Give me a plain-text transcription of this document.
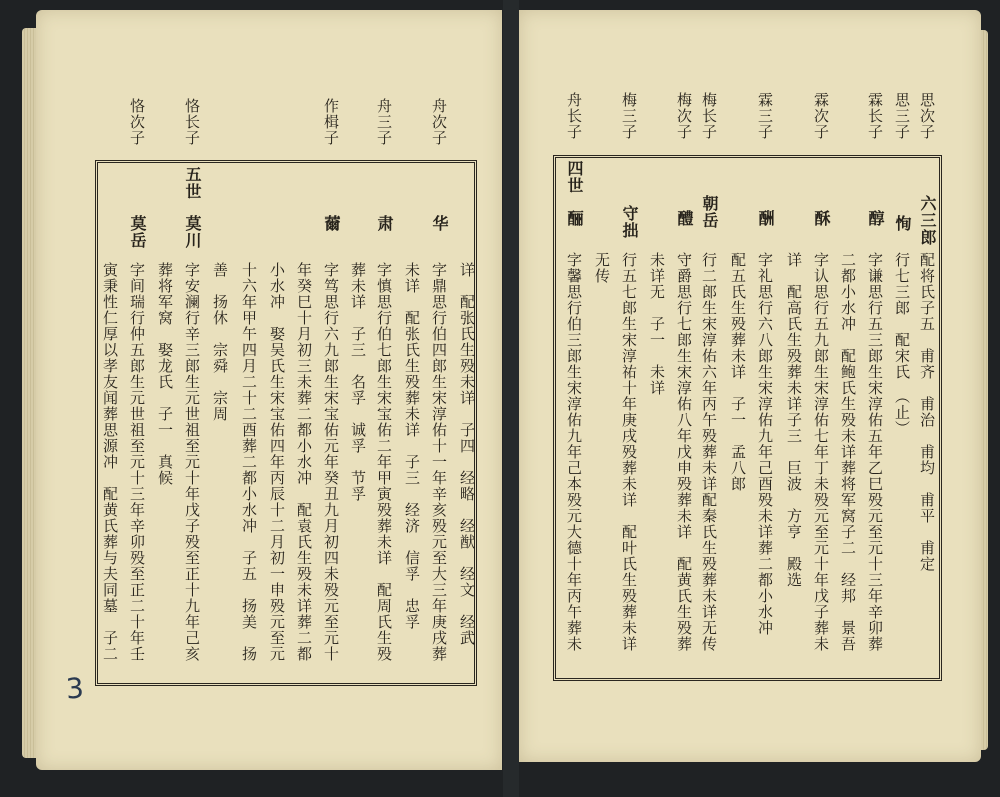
舟次子
舟三子
作楫子
恪长子
恪次子
五世
华
字鼎思行伯四郎生宋淳佑十一年辛亥殁元至大三年庚戌葬 详　配张氏生殁未详　子四　经略　经猷　经文　经武
肃
字慎思行伯七郎生宋宝佑二年甲寅殁葬未详　配周氏生殁 未详　配张氏生殁葬未详　子三　经济　信孚　忠孚
葬未详　子三　名孚　诚孚　节孚
薾
字笃思行六九郎生宋宝佑元年癸丑九月初四未殁元至元十
年癸巳十月初三未葬二都小水冲　配袁氏生殁未详葬二都
小水冲　娶吴氏生宋宝佑四年丙辰十二月初一申殁元至元
十六年甲午四月二十二酉葬二都小水冲　子五　扬美　扬
莫川
字安澜行辛三郎生元世祖至元十年戊子殁至正十九年己亥 善　扬休　宗舜　宗周
莫岳
字间瑞行仲五郎生元世祖至元十三年辛卯殁至正二十年壬 葬将军窝　娶龙氏　子一　真候
寅秉性仁厚以孝友闻葬思源冲　配黄氏葬与夫同墓　子二
3
思次子
思三子
霖长子
霖次子
霖三子
梅长子
梅次子
梅三子
舟长子
四世
六三郎
配将氏子五　甫齐　甫治　甫均　甫平　甫定
恂
行七三郎　配宋氏　（止）
醇
字谦思行五三郎生宋淳佑五年乙巳殁元至元十三年辛卯葬
二都小水冲　配鲍氏生殁未详葬将军窝子二　经邦　景吾
酥
字认思行五九郎生宋淳佑七年丁未殁元至元十年戊子葬未
详　配高氏生殁葬未详子三　巨波　方亨　殿选
酬
字礼思行六八郎生宋淳佑九年己酉殁未详葬二都小水冲
配五氏生殁葬未详　子一　孟八郎
朝岳
行二郎生宋淳佑六年丙午殁葬未详配秦氏生殁葬未详无传
醴
守爵思行七郎生宋淳佑八年戊申殁葬未详　配黄氏生殁葬
未详无　子一　未详
守拙
行五七郎生宋淳祐十年庚戌殁葬未详　配叶氏生殁葬未详
无传
酾
字馨思行伯三郎生宋淳佑九年己本殁元大德十年丙午葬未
